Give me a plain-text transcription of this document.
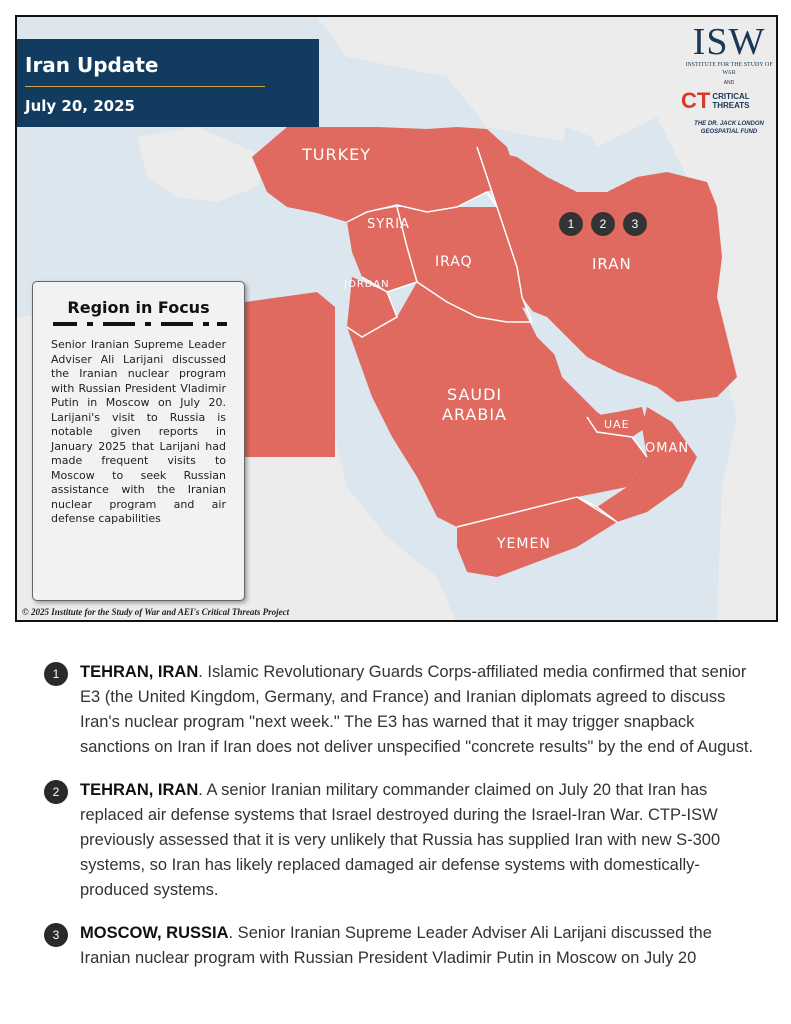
Iran Update
July 20, 2025
ISW
INSTITUTE FOR THE STUDY OF WAR
AND
CT CRITICAL THREATS
THE DR. JACK LONDON GEOSPATIAL FUND
TURKEY
SYRIA
JORDAN
IRAQ	IRAN
SAUDI
ARABIA
UAE
OMAN
YEMEN
1	2	3
Region in Focus
Senior Iranian Supreme Leader Adviser Ali Larijani discussed the Iranian nuclear program with Russian President Vladimir Putin in Moscow on July 20. Larijani's visit to Russia is notable given reports in January 2025 that Larijani had made frequent visits to Moscow to seek Russian assistance with the Iranian nuclear program and air defense capabilities
© 2025 Institute for the Study of War and AEI's Critical Threats Project
1	TEHRAN, IRAN. Islamic Revolutionary Guards Corps-affiliated media confirmed that senior E3 (the United Kingdom, Germany, and France) and Iranian diplomats agreed to discuss Iran's nuclear program "next week." The E3 has warned that it may trigger snapback sanctions on Iran if Iran does not deliver unspecified "concrete results" by the end of August.
2	TEHRAN, IRAN. A senior Iranian military commander claimed on July 20 that Iran has replaced air defense systems that Israel destroyed during the Israel-Iran War. CTP-ISW previously assessed that it is very unlikely that Russia has supplied Iran with new S-300 systems, so Iran has likely replaced damaged air defense systems with domestically-produced systems.
3	MOSCOW, RUSSIA. Senior Iranian Supreme Leader Adviser Ali Larijani discussed the Iranian nuclear program with Russian President Vladimir Putin in Moscow on July 20
